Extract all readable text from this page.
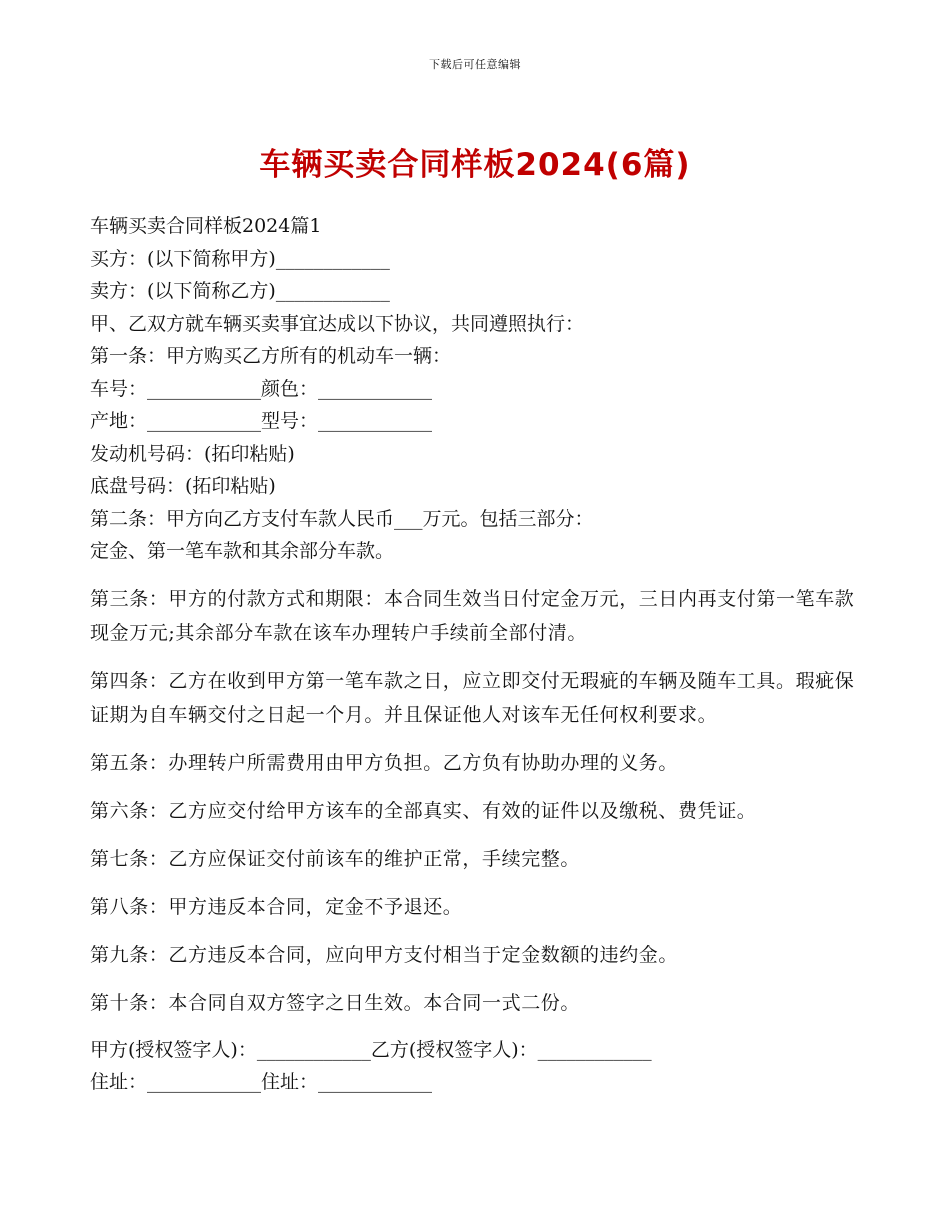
下载后可任意编辑
车辆买卖合同样板2024(6篇)
车辆买卖合同样板2024篇1
买方：(以下简称甲方)____________
卖方：(以下简称乙方)____________
甲、乙双方就车辆买卖事宜达成以下协议，共同遵照执行：
第一条：甲方购买乙方所有的机动车一辆：
车号：____________颜色：____________
产地：____________型号：____________
发动机号码：(拓印粘贴)
底盘号码：(拓印粘贴)
第二条：甲方向乙方支付车款人民币___万元。包括三部分：
定金、第一笔车款和其余部分车款。
第三条：甲方的付款方式和期限：本合同生效当日付定金万元，三日内再支付第一笔车款现金万元;其余部分车款在该车办理转户手续前全部付清。
第四条：乙方在收到甲方第一笔车款之日，应立即交付无瑕疵的车辆及随车工具。瑕疵保证期为自车辆交付之日起一个月。并且保证他人对该车无任何权利要求。
第五条：办理转户所需费用由甲方负担。乙方负有协助办理的义务。
第六条：乙方应交付给甲方该车的全部真实、有效的证件以及缴税、费凭证。
第七条：乙方应保证交付前该车的维护正常，手续完整。
第八条：甲方违反本合同，定金不予退还。
第九条：乙方违反本合同，应向甲方支付相当于定金数额的违约金。
第十条：本合同自双方签字之日生效。本合同一式二份。
甲方(授权签字人)：____________乙方(授权签字人)：____________
住址：____________住址：____________
